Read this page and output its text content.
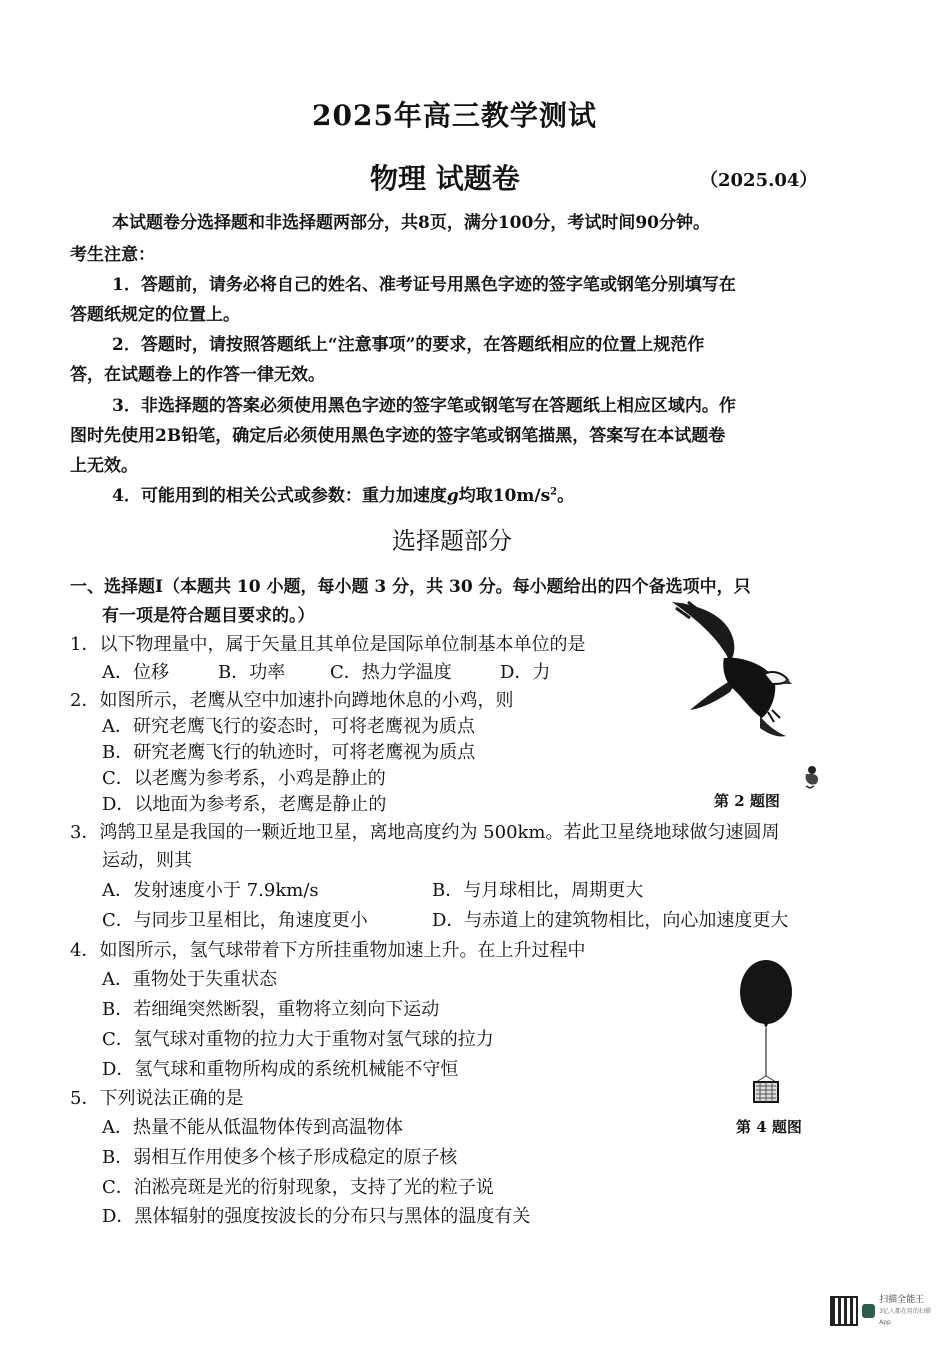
2025年高三教学测试
物理 试题卷	（2025.04）
本试题卷分选择题和非选择题两部分，共8页，满分100分，考试时间90分钟。
考生注意：
1．答题前，请务必将自己的姓名、准考证号用黑色字迹的签字笔或钢笔分别填写在
答题纸规定的位置上。
2．答题时，请按照答题纸上“注意事项”的要求，在答题纸相应的位置上规范作
答，在试题卷上的作答一律无效。
3．非选择题的答案必须使用黑色字迹的签字笔或钢笔写在答题纸上相应区域内。作
图时先使用2B铅笔，确定后必须使用黑色字迹的签字笔或钢笔描黑，答案写在本试题卷
上无效。
4．可能用到的相关公式或参数：重力加速度g均取$10m/s^2$。
选择题部分
一、选择题Ⅰ（本题共 10 小题，每小题 3 分，共 30 分。每小题给出的四个备选项中，只
有一项是符合题目要求的。）
1．以下物理量中，属于矢量且其单位是国际单位制基本单位的是
A．位移	B．功率 C．热力学温度	D．力
2．如图所示，老鹰从空中加速扑向蹲地休息的小鸡，则
A．研究老鹰飞行的姿态时，可将老鹰视为质点
B．研究老鹰飞行的轨迹时，可将老鹰视为质点
C．以老鹰为参考系，小鸡是静止的
D．以地面为参考系，老鹰是静止的	第 2 题图
3．鸿鹄卫星是我国的一颗近地卫星，离地高度约为 500km。若此卫星绕地球做匀速圆周
运动，则其
A．发射速度小于 7.9km/s	B．与月球相比，周期更大
C．与同步卫星相比，角速度更小	D．与赤道上的建筑物相比，向心加速度更大
4．如图所示，氢气球带着下方所挂重物加速上升。在上升过程中
A．重物处于失重状态
B．若细绳突然断裂，重物将立刻向下运动
C．氢气球对重物的拉力大于重物对氢气球的拉力
D．氢气球和重物所构成的系统机械能不守恒
第 4 题图
5．下列说法正确的是
A．热量不能从低温物体传到高温物体
B．弱相互作用使多个核子形成稳定的原子核
C．泊淞亮斑是光的衍射现象，支持了光的粒子说
D．黑体辐射的强度按波长的分布只与黑体的温度有关
扫描全能王
3亿人都在用的扫描App
